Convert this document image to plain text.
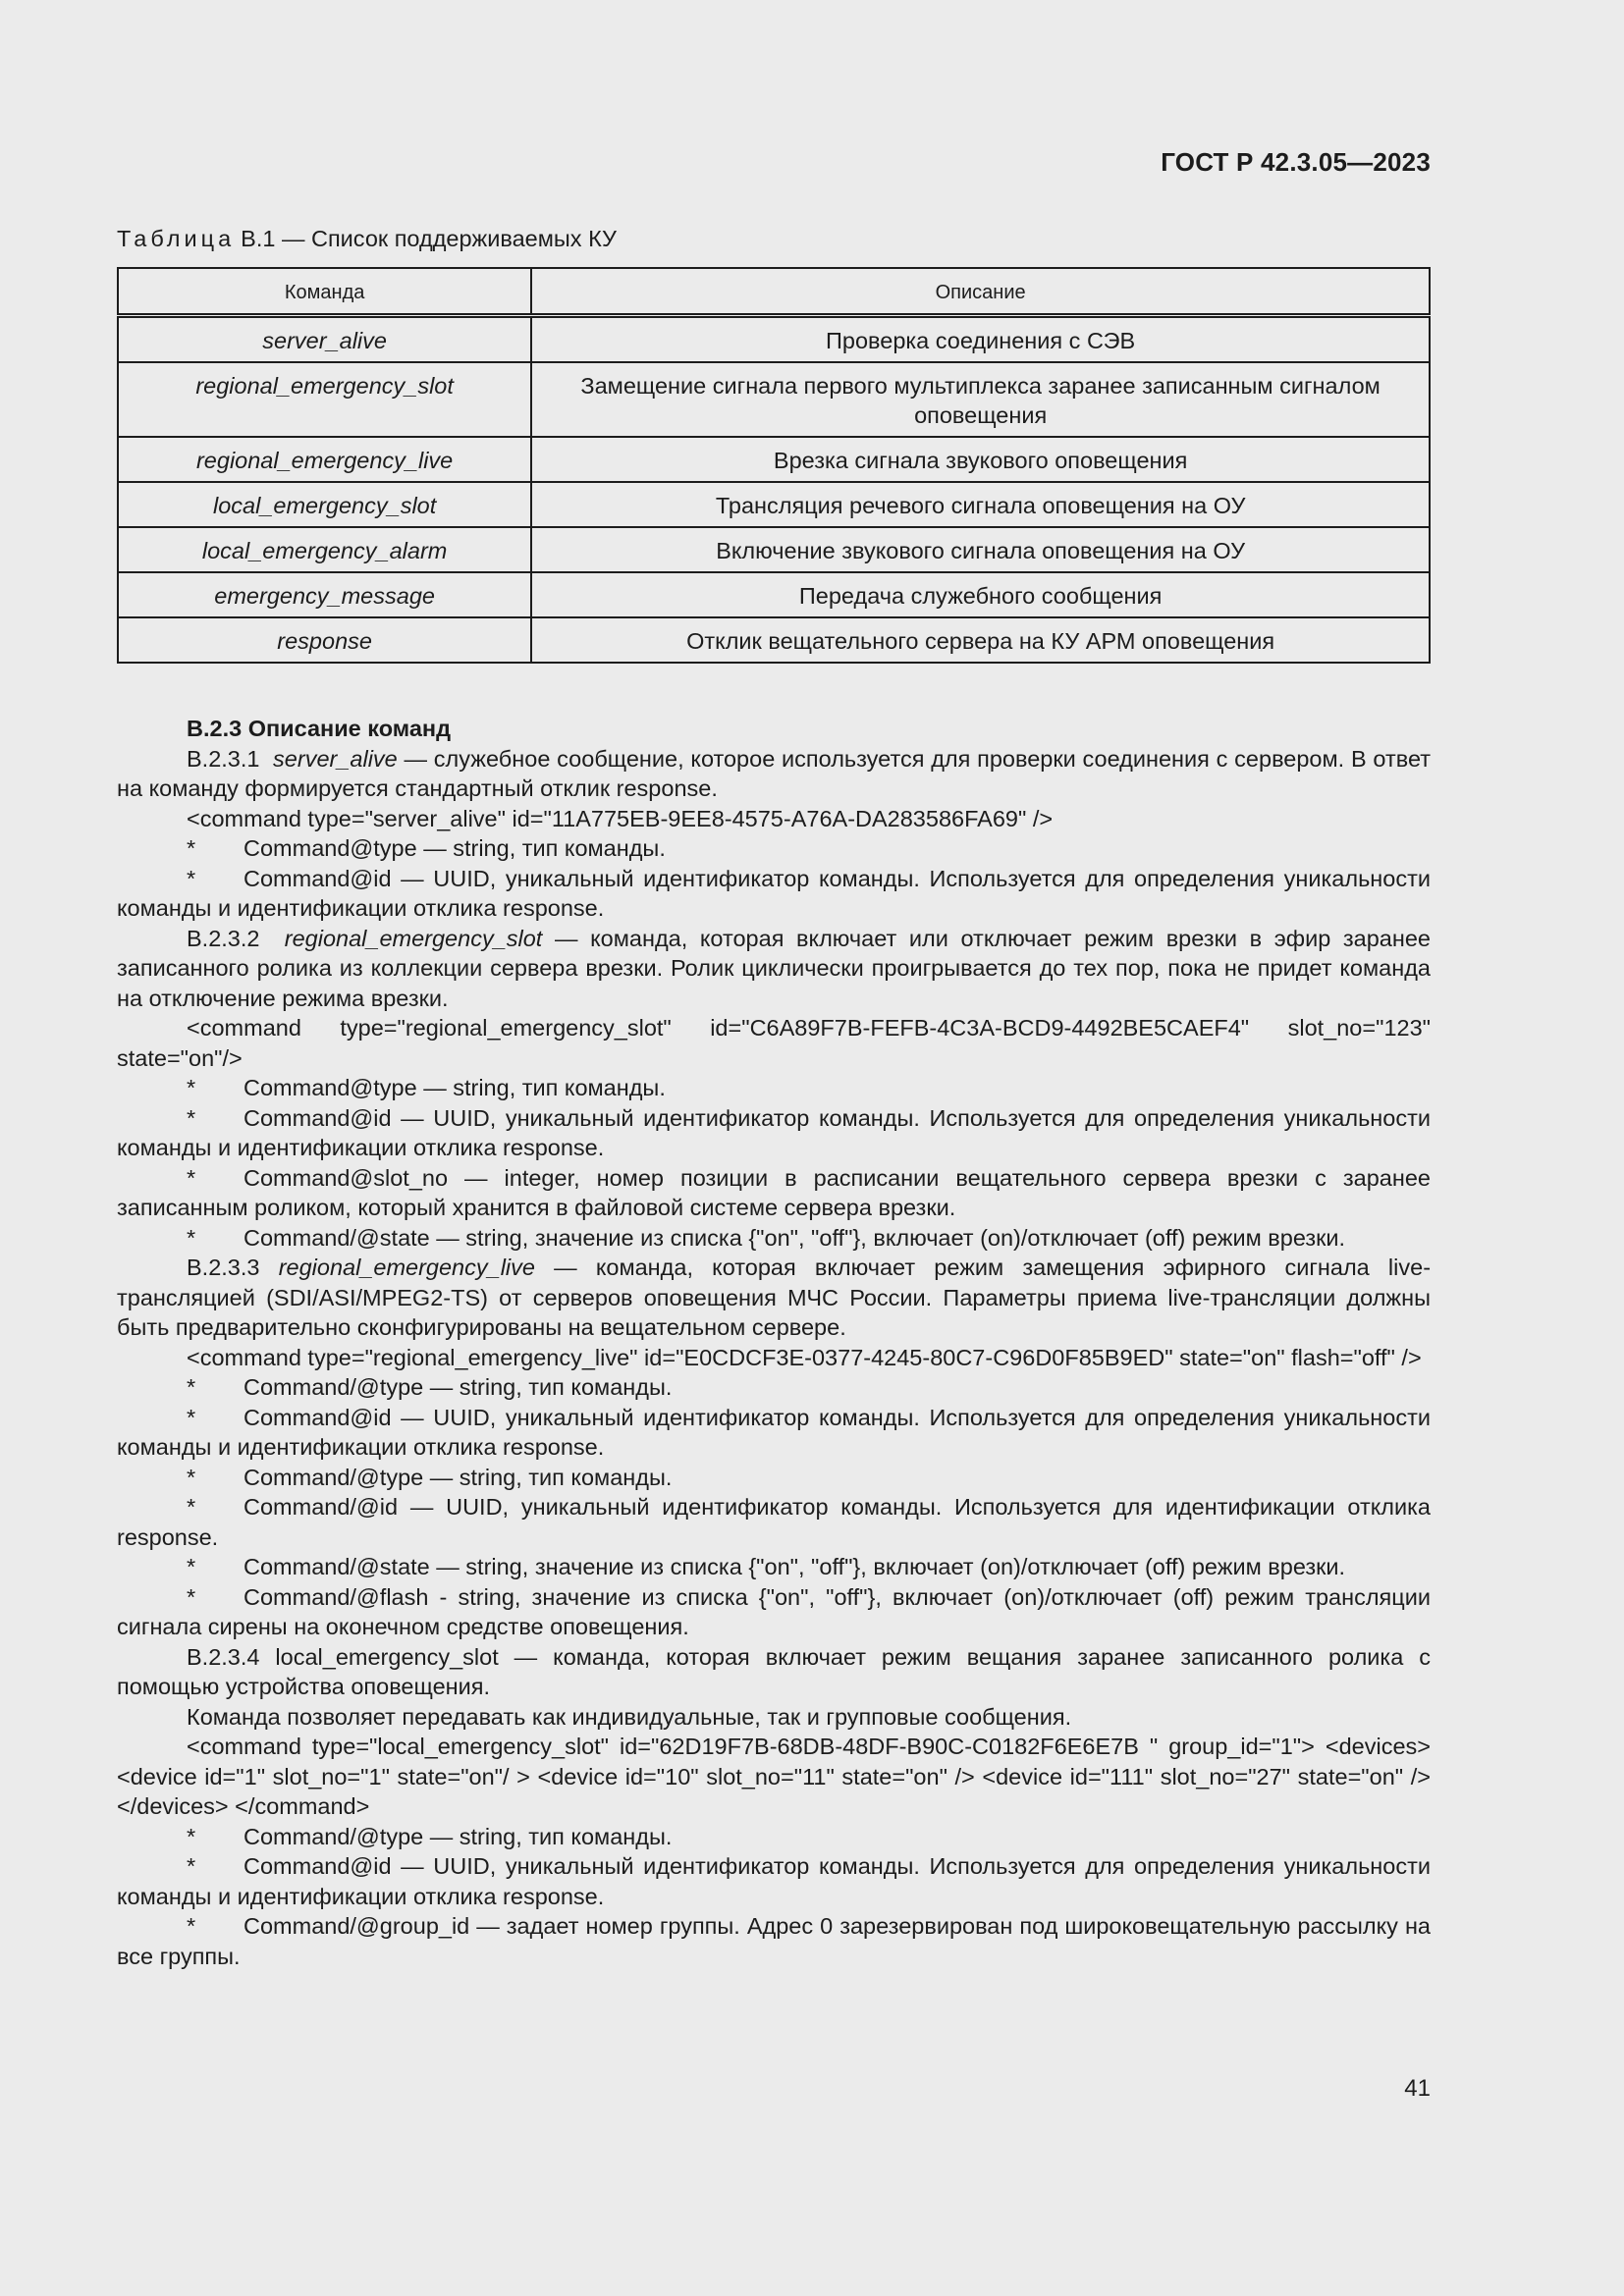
ГОСТ Р 42.3.05—2023
Таблица В.1 — Список поддерживаемых КУ
Команда	Описание
server_alive	Проверка соединения с СЭВ
regional_emergency_slot	Замещение сигнала первого мультиплекса заранее записанным сигналом оповещения
regional_emergency_live	Врезка сигнала звукового оповещения
local_emergency_slot	Трансляция речевого сигнала оповещения на ОУ
local_emergency_alarm	Включение звукового сигнала оповещения на ОУ
emergency_message	Передача служебного сообщения
response	Отклик вещательного сервера на КУ АРМ оповещения

В.2.3 Описание команд

В.2.3.1 server_alive — служебное сообщение, которое используется для проверки соединения с сервером. В ответ на команду формируется стандартный отклик response.

<command type="server_alive" id="11A775EB-9EE8-4575-A76A-DA283586FA69" />

* Command@type — string, тип команды.

* Command@id — UUID, уникальный идентификатор команды. Используется для определения уникальности команды и идентификации отклика response.

В.2.3.2 regional_emergency_slot — команда, которая включает или отключает режим врезки в эфир заранее записанного ролика из коллекции сервера врезки. Ролик циклически проигрывается до тех пор, пока не придет команда на отключение режима врезки.

<command type="regional_emergency_slot" id="C6A89F7B-FEFB-4C3A-BCD9-4492BE5CAEF4" slot_no="123" state="on"/>

* Command@type — string, тип команды.

* Command@id — UUID, уникальный идентификатор команды. Используется для определения уникальности команды и идентификации отклика response.

* Command@slot_no — integer, номер позиции в расписании вещательного сервера врезки с заранее записанным роликом, который хранится в файловой системе сервера врезки.

* Command/@state — string, значение из списка {"on", "off"}, включает (on)/отключает (off) режим врезки.

В.2.3.3 regional_emergency_live — команда, которая включает режим замещения эфирного сигнала live-трансляцией (SDI/ASI/MPEG2-TS) от серверов оповещения МЧС России. Параметры приема live-трансляции должны быть предварительно сконфигурированы на вещательном сервере.

<command type="regional_emergency_live" id="E0CDCF3E-0377-4245-80C7-C96D0F85B9ED" state="on" flash="off" />

* Command/@type — string, тип команды.

* Command@id — UUID, уникальный идентификатор команды. Используется для определения уникальности команды и идентификации отклика response.

* Command/@type — string, тип команды.

* Command/@id — UUID, уникальный идентификатор команды. Используется для идентификации отклика response.

* Command/@state — string, значение из списка {"on", "off"}, включает (on)/отключает (off) режим врезки.

* Command/@flash - string, значение из списка {"on", "off"}, включает (on)/отключает (off) режим трансляции сигнала сирены на оконечном средстве оповещения.

В.2.3.4 local_emergency_slot — команда, которая включает режим вещания заранее записанного ролика с помощью устройства оповещения.

Команда позволяет передавать как индивидуальные, так и групповые сообщения.

<command type="local_emergency_slot" id="62D19F7B-68DB-48DF-B90C-C0182F6E6E7B " group_id="1"> <devices> <device id="1" slot_no="1" state="on"/ > <device id="10" slot_no="11" state="on" /> <device id="111" slot_no="27" state="on" /> </devices> </command>

* Command/@type — string, тип команды.

* Command@id — UUID, уникальный идентификатор команды. Используется для определения уникальности команды и идентификации отклика response.

* Command/@group_id — задает номер группы. Адрес 0 зарезервирован под широковещательную рассылку на все группы.

41
